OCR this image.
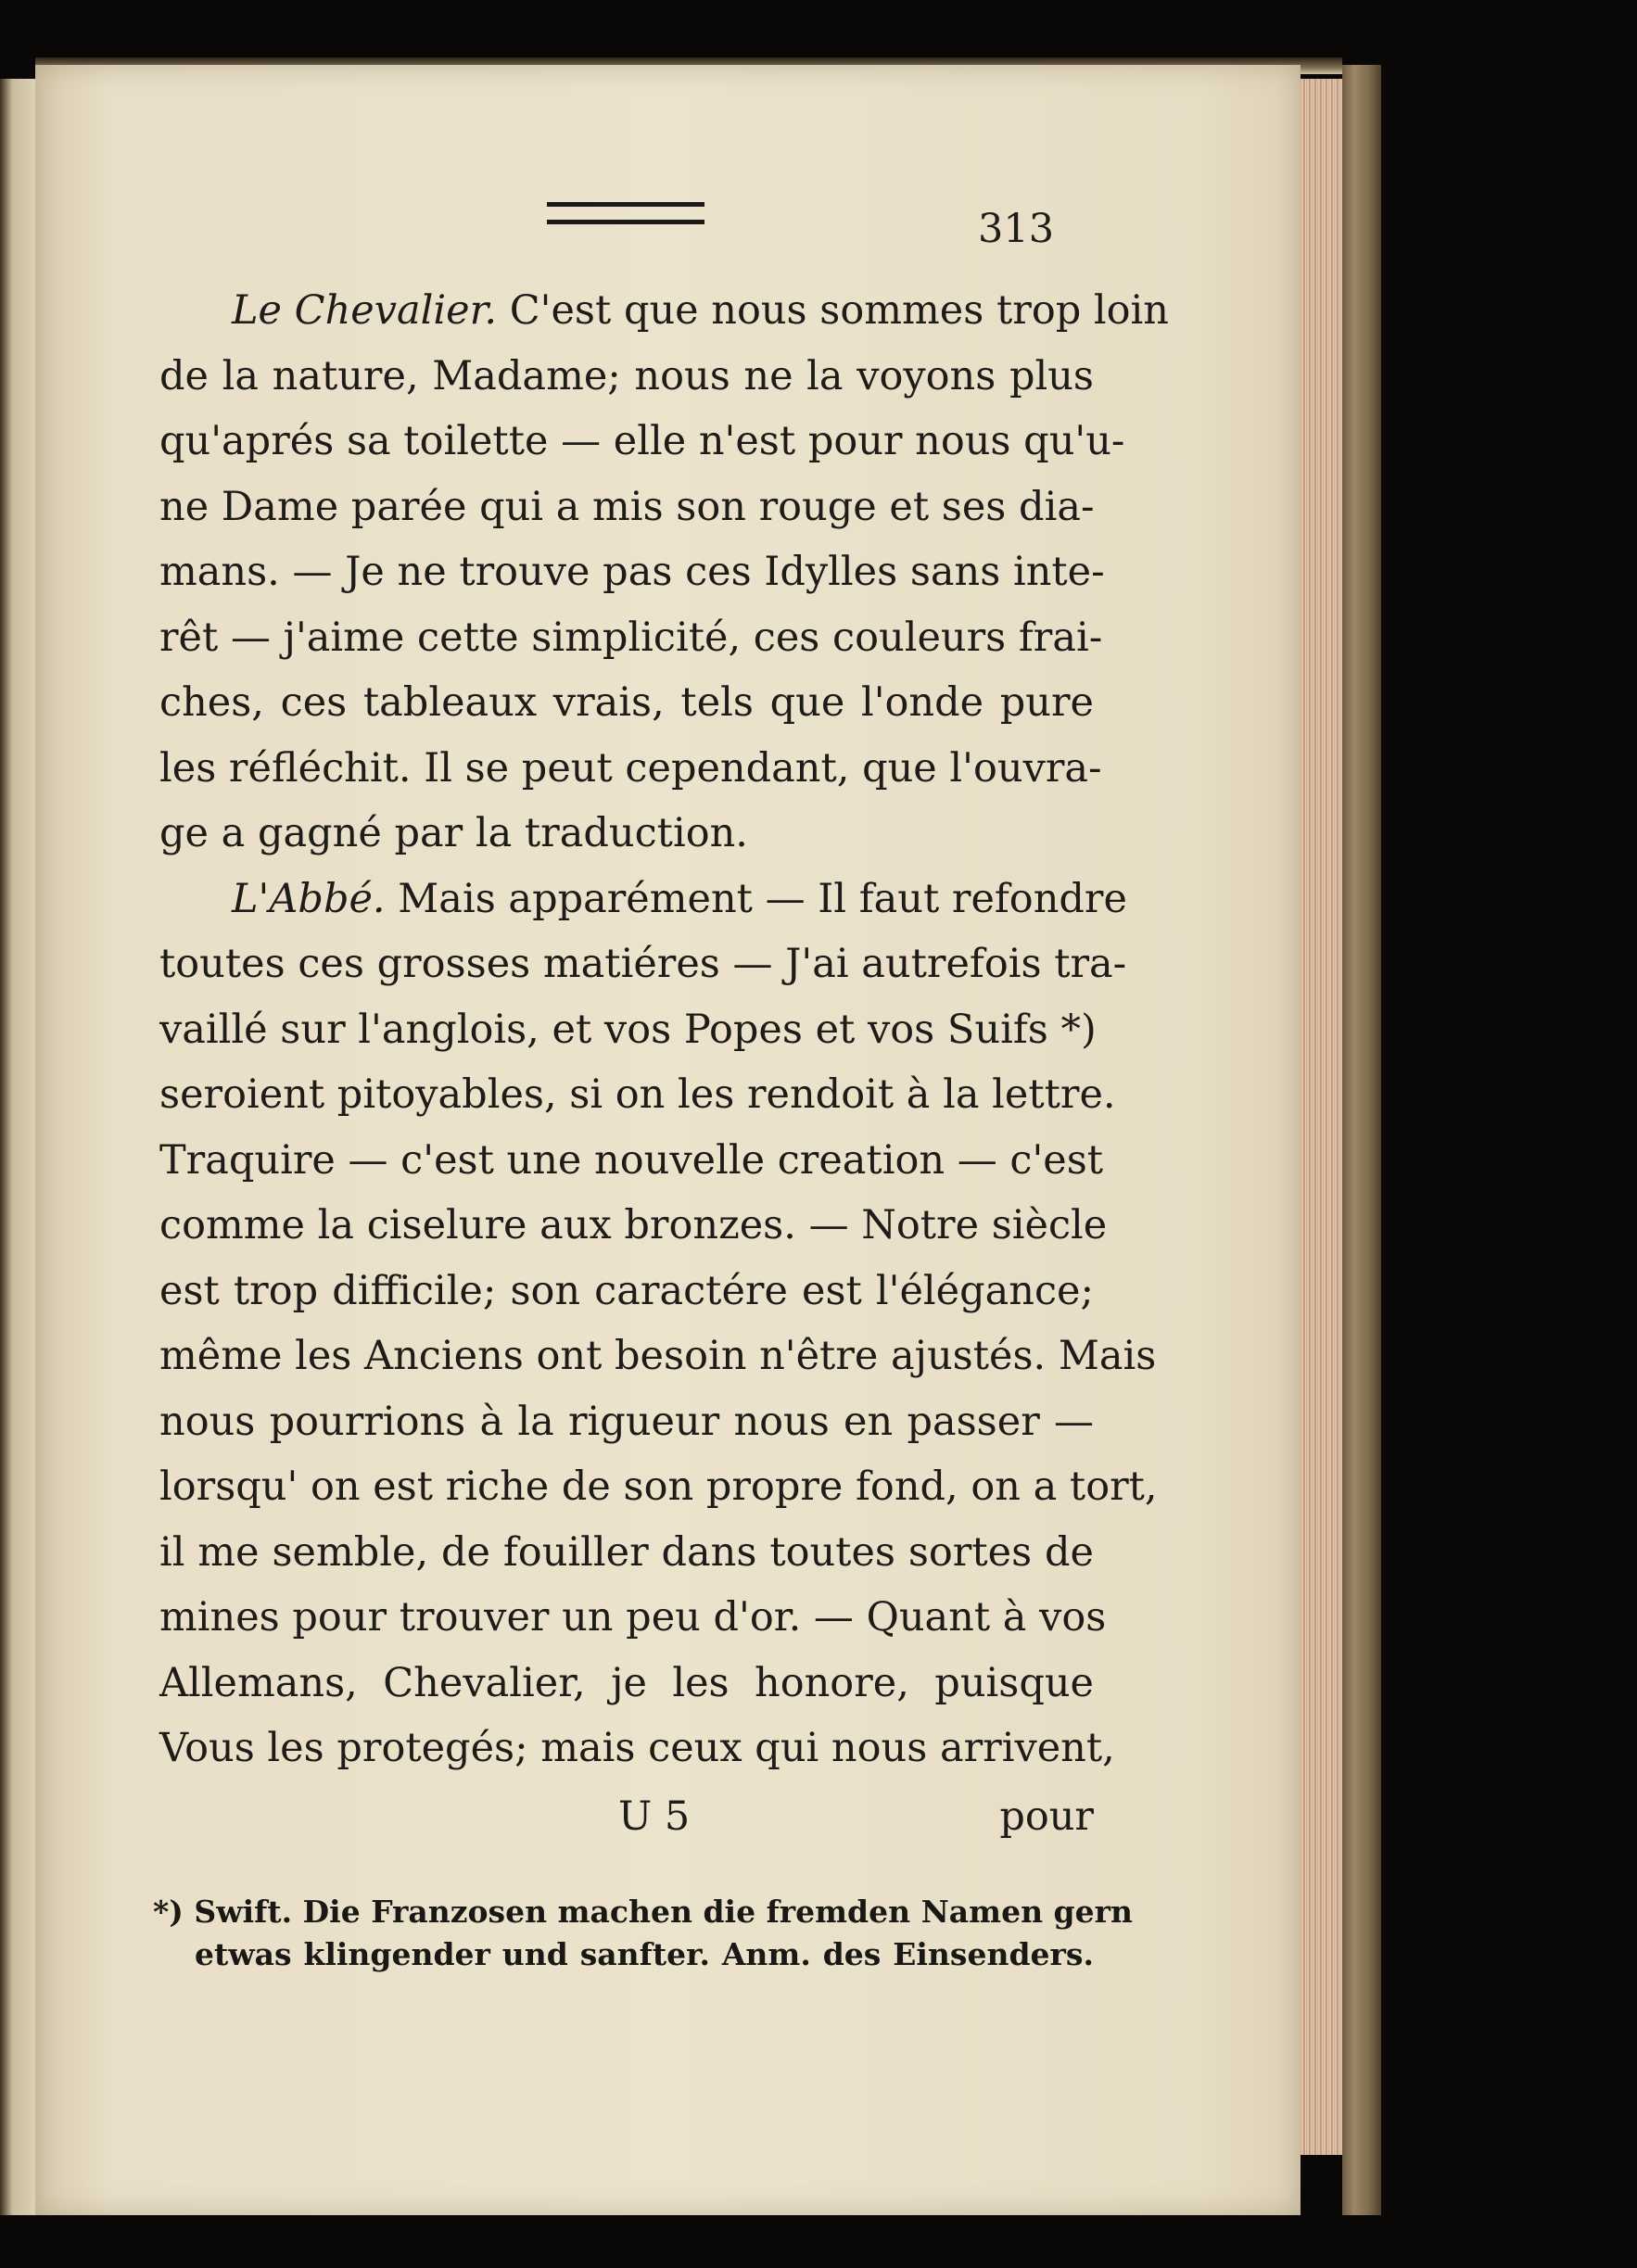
313
Le Chevalier. C'est que nous sommes trop loin
de la nature, Madame; nous ne la voyons plus
qu'aprés sa toilette — elle n'est pour nous qu'u-
ne Dame parée qui a mis son rouge et ses dia-
mans. — Je ne trouve pas ces Idylles sans inte-
rêt — j'aime cette simplicité, ces couleurs frai-
ches, ces tableaux vrais, tels que l'onde pure
les réfléchit. Il se peut cependant, que l'ouvra-
ge a gagné par la traduction.
L'Abbé. Mais apparément — Il faut refondre
toutes ces grosses matiéres — J'ai autrefois tra-
vaillé sur l'anglois, et vos Popes et vos Suifs *)
seroient pitoyables, si on les rendoit à la lettre.
Traquire — c'est une nouvelle creation — c'est
comme la ciselure aux bronzes. — Notre siècle
est trop difficile; son caractére est l'élégance;
même les Anciens ont besoin n'être ajustés. Mais
nous pourrions à la rigueur nous en passer —
lorsqu' on est riche de son propre fond, on a tort,
il me semble, de fouiller dans toutes sortes de
mines pour trouver un peu d'or. — Quant à vos
Allemans, Chevalier, je les honore, puisque
Vous les protegés; mais ceux qui nous arrivent,
U 5	pour
*) Swift. Die Franzosen machen die fremden Namen gern
etwas klingender und sanfter. Anm. des Einsenders.
